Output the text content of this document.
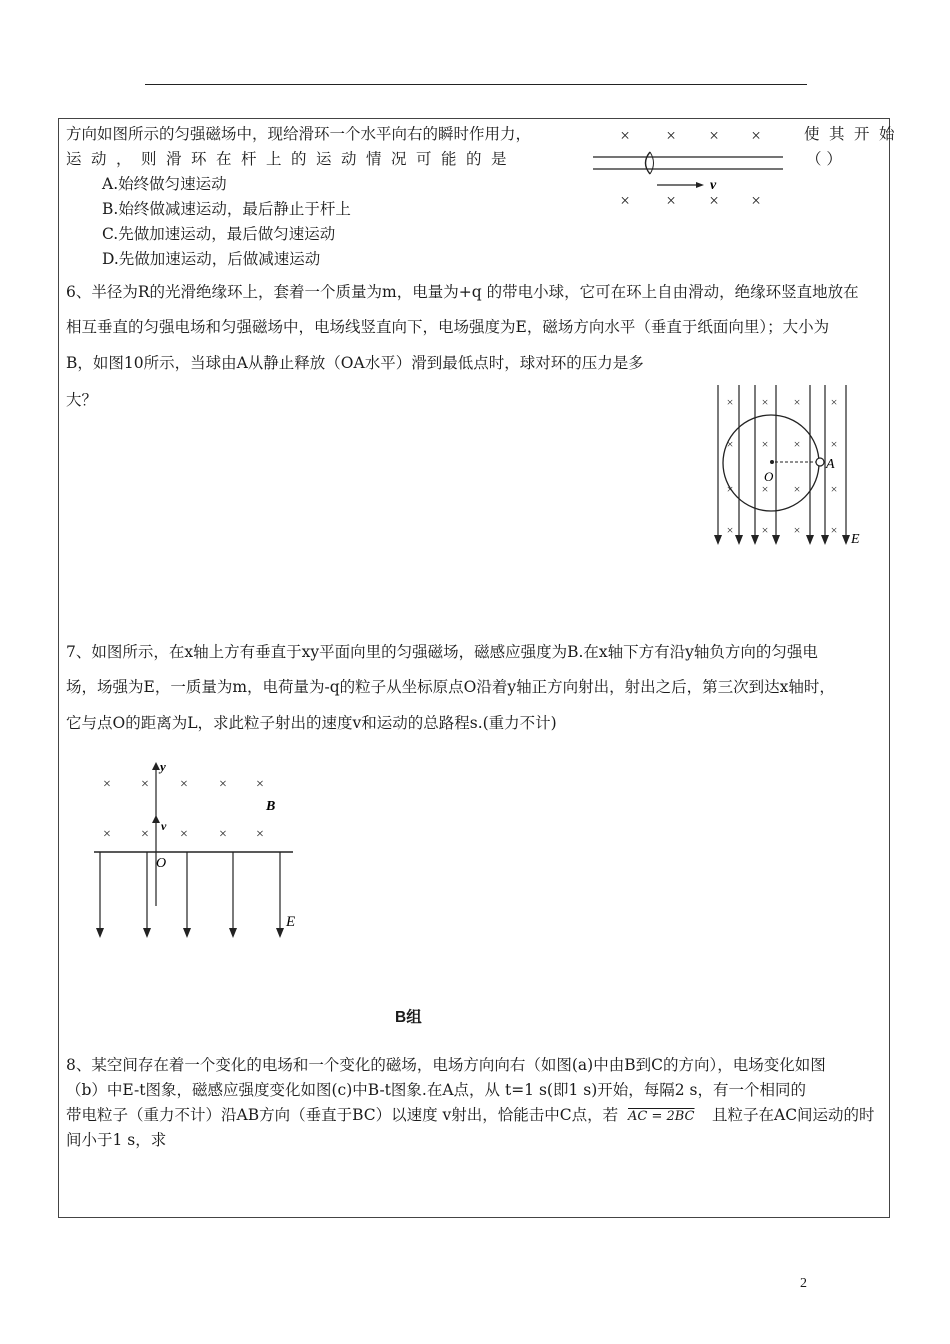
方向如图所示的匀强磁场中，现给滑环一个水平向右的瞬时作用力，	使其开始
运动，则滑环在杆上的运动情况可能的是	（ ）
A.始终做匀速运动
B.始终做减速运动，最后静止于杆上
C.先做加速运动，最后做匀速运动
D.先做加速运动，后做减速运动
× × × ×
× × × ×
v
6、半径为R的光滑绝缘环上，套着一个质量为m，电量为+q 的带电小球，它可在环上自由滑动，绝缘环竖直地放在
相互垂直的匀强电场和匀强磁场中，电场线竖直向下，电场强度为E，磁场方向水平（垂直于纸面向里）；大小为
B，如图10所示，当球由A从静止释放（OA水平）滑到最低点时，球对环的压力是多
大？	× × ×	×
× × ×	×
× × ×	×
× × ×	×
O
A
E
7、如图所示，在x轴上方有垂直于xy平面向里的匀强磁场，磁感应强度为B.在x轴下方有沿y轴负方向的匀强电
场，场强为E，一质量为m，电荷量为-q的粒子从坐标原点O沿着y轴正方向射出，射出之后，第三次到达x轴时，
它与点O的距离为L，求此粒子射出的速度v和运动的总路程s.(重力不计)
y
× × × × ×
× × × × ×
B
v
O
E
B组
8、某空间存在着一个变化的电场和一个变化的磁场，电场方向向右（如图(a)中由B到C的方向），电场变化如图
（b）中E-t图象，磁感应强度变化如图(c)中B-t图象.在A点，从 t=1 s(即1 s)开始，每隔2 s，有一个相同的
带电粒子（重力不计）沿AB方向（垂直于BC）以速度 v射出，恰能击中C点，若 AC = 2BC 且粒子在AC间运动的时
间小于1 s，求
2
